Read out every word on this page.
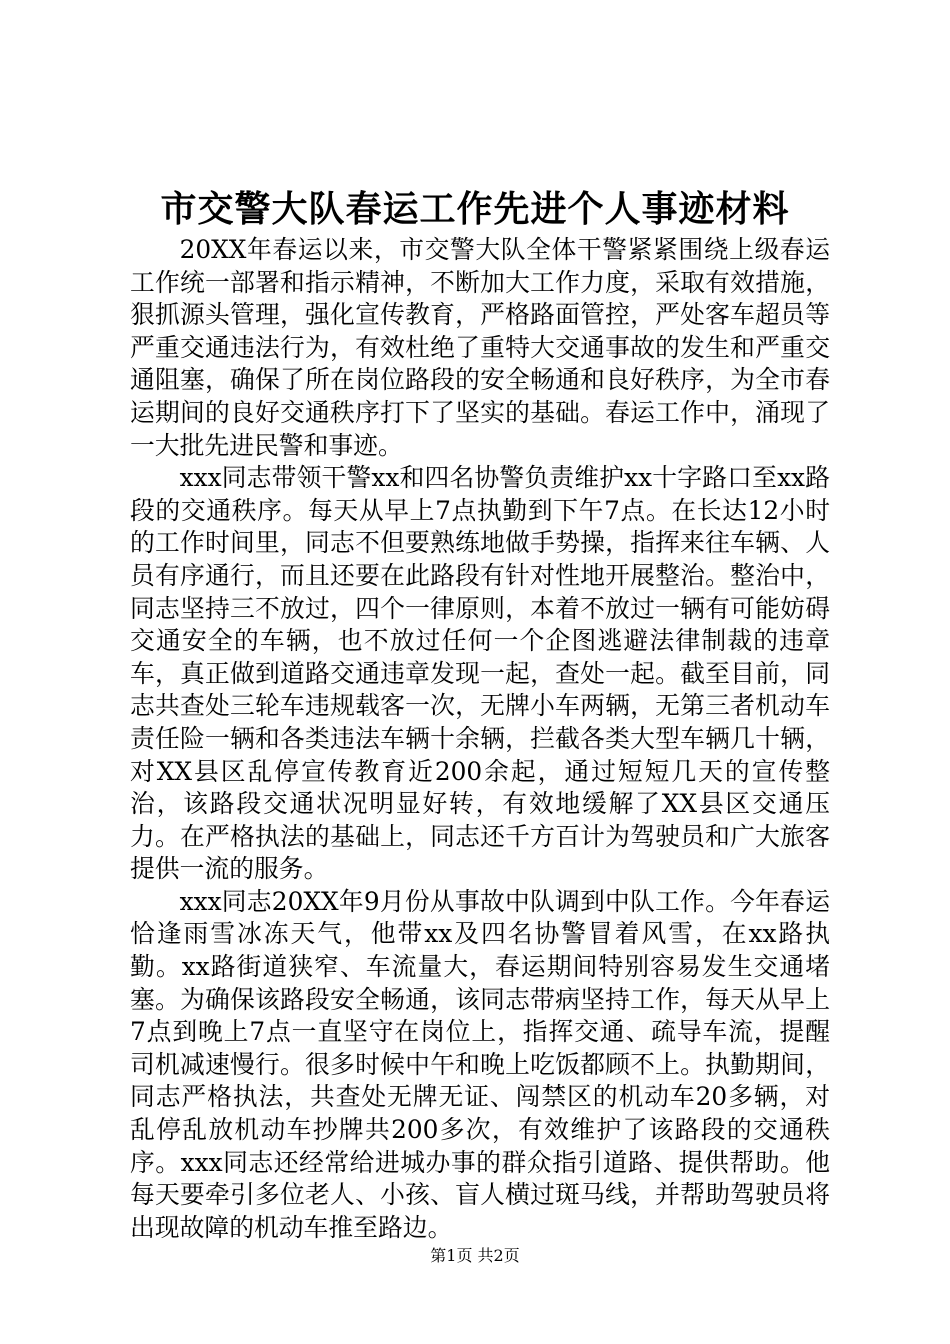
市交警大队春运工作先进个人事迹材料

20XX年春运以来，市交警大队全体干警紧紧围绕上级春运工作统一部署和指示精神，不断加大工作力度，采取有效措施，狠抓源头管理，强化宣传教育，严格路面管控，严处客车超员等严重交通违法行为，有效杜绝了重特大交通事故的发生和严重交通阻塞，确保了所在岗位路段的安全畅通和良好秩序，为全市春运期间的良好交通秩序打下了坚实的基础。春运工作中，涌现了一大批先进民警和事迹。

xxx同志带领干警xx和四名协警负责维护xx十字路口至xx路段的交通秩序。每天从早上7点执勤到下午7点。在长达12小时的工作时间里，同志不但要熟练地做手势操，指挥来往车辆、人员有序通行，而且还要在此路段有针对性地开展整治。整治中，同志坚持三不放过，四个一律原则，本着不放过一辆有可能妨碍交通安全的车辆，也不放过任何一个企图逃避法律制裁的违章车，真正做到道路交通违章发现一起，查处一起。截至目前，同志共查处三轮车违规载客一次，无牌小车两辆，无第三者机动车责任险一辆和各类违法车辆十余辆，拦截各类大型车辆几十辆，对XX县区乱停宣传教育近200余起，通过短短几天的宣传整治，该路段交通状况明显好转，有效地缓解了XX县区交通压力。在严格执法的基础上，同志还千方百计为驾驶员和广大旅客提供一流的服务。

xxx同志20XX年9月份从事故中队调到中队工作。今年春运恰逢雨雪冰冻天气，他带xx及四名协警冒着风雪，在xx路执勤。xx路街道狭窄、车流量大，春运期间特别容易发生交通堵塞。为确保该路段安全畅通，该同志带病坚持工作，每天从早上7点到晚上7点一直坚守在岗位上，指挥交通、疏导车流，提醒司机减速慢行。很多时候中午和晚上吃饭都顾不上。执勤期间，同志严格执法，共查处无牌无证、闯禁区的机动车20多辆，对乱停乱放机动车抄牌共200多次，有效维护了该路段的交通秩序。xxx同志还经常给进城办事的群众指引道路、提供帮助。他每天要牵引多位老人、小孩、盲人横过斑马线，并帮助驾驶员将出现故障的机动车推至路边。

第1页 共2页
